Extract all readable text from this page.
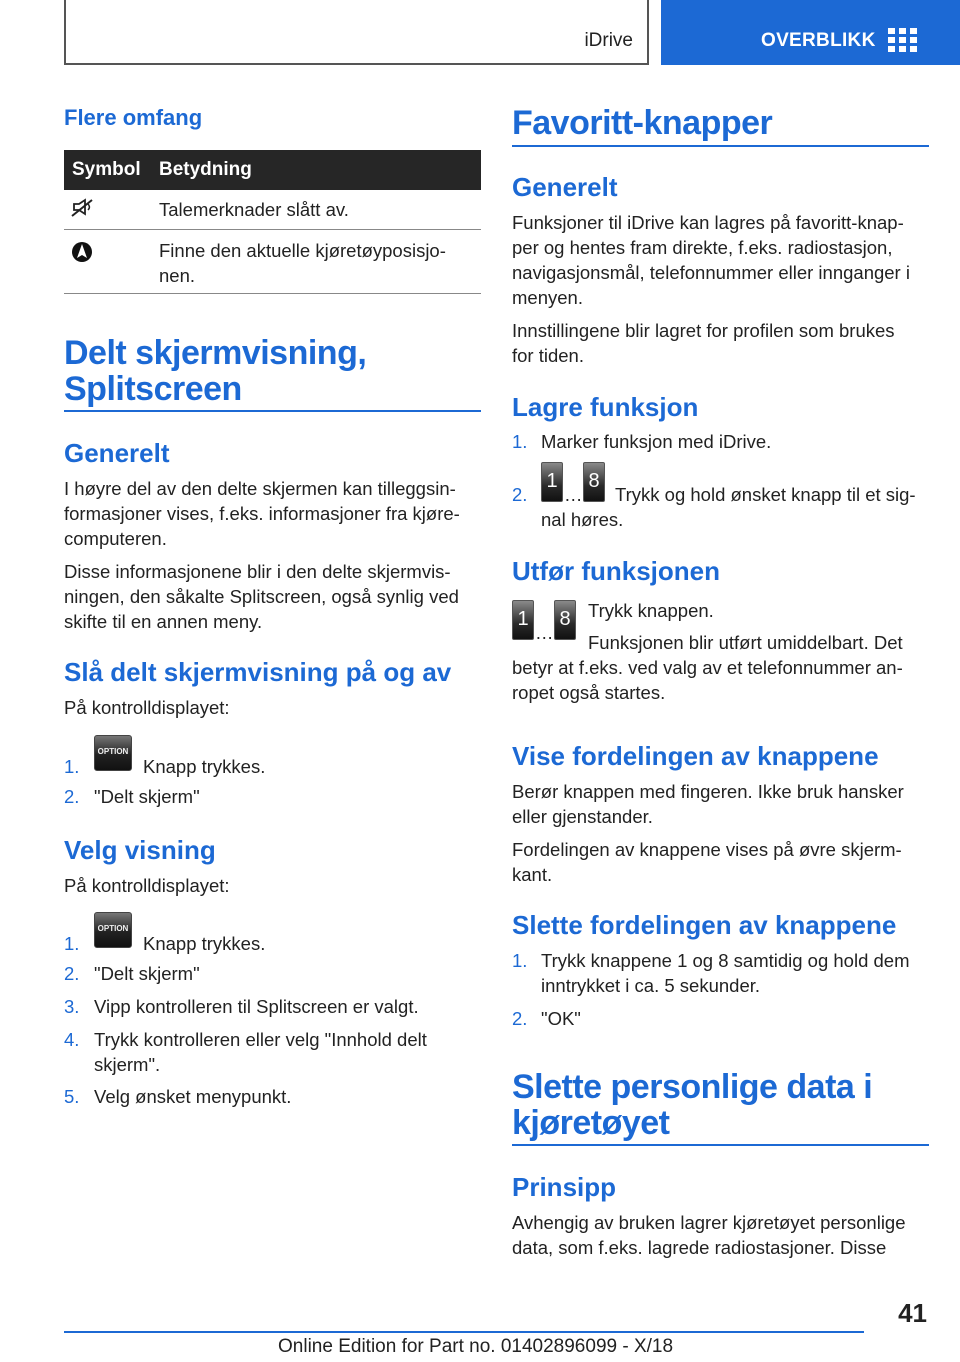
iDrive	OVERBLIKK
Flere omfang
Symbol Betydning
Talemerknader slått av.
Finne den aktuelle kjøretøyposisjo-
nen.
Delt skjermvisning,
Splitscreen
Generelt
I høyre del av den delte skjermen kan tilleggsin-
formasjoner vises, f.eks. informasjoner fra kjøre-
computeren.
Disse informasjonene blir i den delte skjermvis-
ningen, den såkalte Splitscreen, også synlig ved
skifte til en annen meny.
Slå delt skjermvisning på og av
På kontrolldisplayet:
1.
OPTION
Knapp trykkes.
2. "Delt skjerm"
Velg visning
På kontrolldisplayet:
1.
OPTION
Knapp trykkes.
2. "Delt skjerm"
3. Vipp kontrolleren til Splitscreen er valgt.
4. Trykk kontrolleren eller velg "Innhold delt
skjerm".
5. Velg ønsket menypunkt.
Favoritt-knapper
Generelt
Funksjoner til iDrive kan lagres på favoritt-knap-
per og hentes fram direkte, f.eks. radiostasjon,
navigasjonsmål, telefonnummer eller innganger i
menyen.
Innstillingene blir lagret for profilen som brukes
for tiden.
Lagre funksjon
1. Marker funksjon med iDrive.
2.
1
…
8
Trykk og hold ønsket knapp til et sig-
nal høres.
Utfør funksjonen
1
…
8 Trykk knappen.
Funksjonen blir utført umiddelbart. Det
betyr at f.eks. ved valg av et telefonnummer an-
ropet også startes.
Vise fordelingen av knappene
Berør knappen med fingeren. Ikke bruk hansker
eller gjenstander.
Fordelingen av knappene vises på øvre skjerm-
kant.
Slette fordelingen av knappene
1. Trykk knappene 1 og 8 samtidig og hold dem
inntrykket i ca. 5 sekunder.
2. "OK"
Slette personlige data i
kjøretøyet
Prinsipp
Avhengig av bruken lagrer kjøretøyet personlige
data, som f.eks. lagrede radiostasjoner. Disse
41
Online Edition for Part no. 01402896099 - X/18
